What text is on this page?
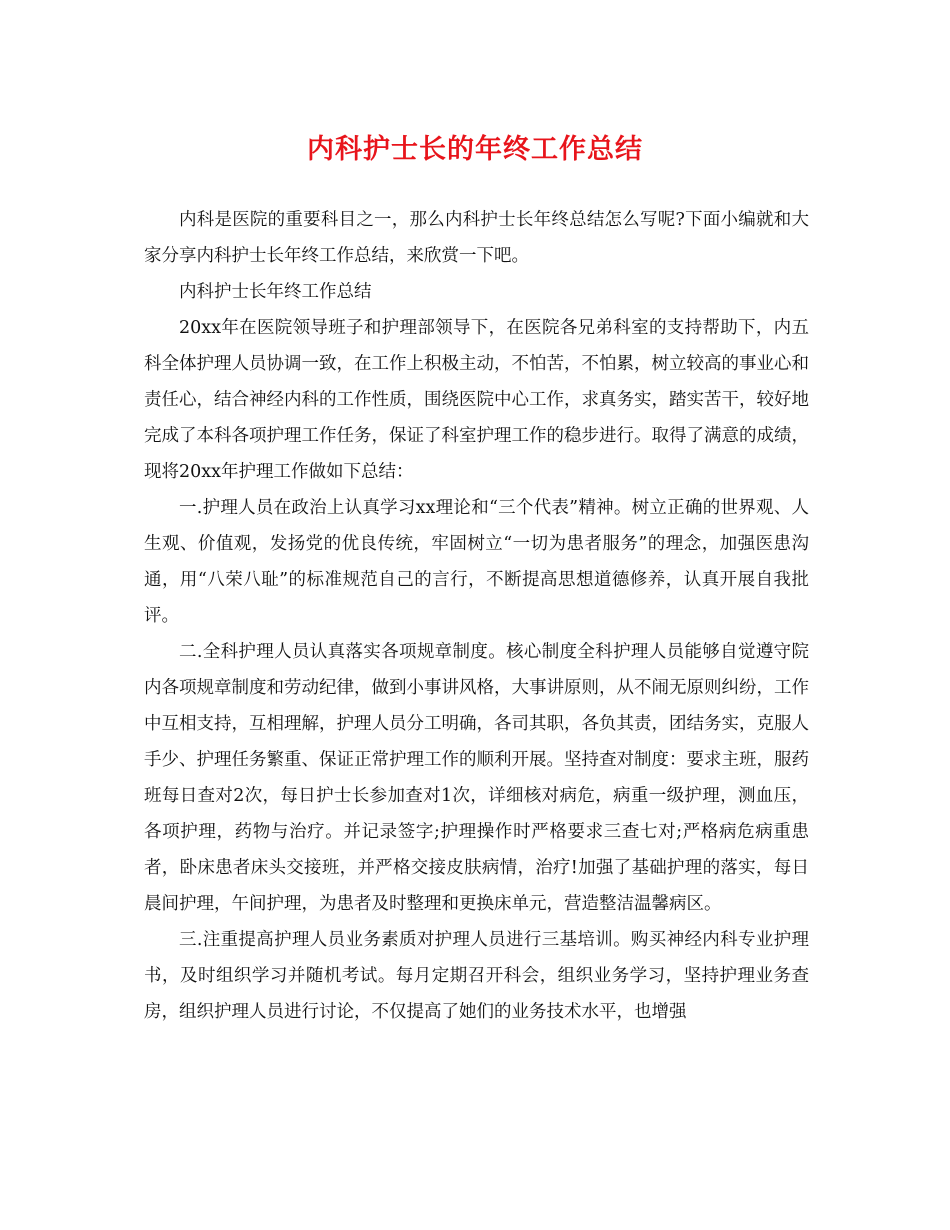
内科护士长的年终工作总结

内科是医院的重要科目之一，那么内科护士长年终总结怎么写呢?下面小编就和大家分享内科护士长年终工作总结，来欣赏一下吧。

内科护士长年终工作总结

20xx年在医院领导班子和护理部领导下，在医院各兄弟科室的支持帮助下，内五科全体护理人员协调一致，在工作上积极主动，不怕苦，不怕累，树立较高的事业心和责任心，结合神经内科的工作性质，围绕医院中心工作，求真务实，踏实苦干，较好地完成了本科各项护理工作任务，保证了科室护理工作的稳步进行。取得了满意的成绩，现将20xx年护理工作做如下总结：

一.护理人员在政治上认真学习xx理论和“三个代表”精神。树立正确的世界观、人生观、价值观，发扬党的优良传统，牢固树立“一切为患者服务”的理念，加强医患沟通，用“八荣八耻”的标准规范自己的言行，不断提高思想道德修养，认真开展自我批评。

二.全科护理人员认真落实各项规章制度。核心制度全科护理人员能够自觉遵守院内各项规章制度和劳动纪律，做到小事讲风格，大事讲原则，从不闹无原则纠纷，工作中互相支持，互相理解，护理人员分工明确，各司其职，各负其责，团结务实，克服人手少、护理任务繁重、保证正常护理工作的顺利开展。坚持查对制度：要求主班，服药班每日查对2次，每日护士长参加查对1次，详细核对病危，病重一级护理，测血压，各项护理，药物与治疗。并记录签字;护理操作时严格要求三查七对;严格病危病重患者，卧床患者床头交接班，并严格交接皮肤病情，治疗!加强了基础护理的落实，每日晨间护理，午间护理，为患者及时整理和更换床单元，营造整洁温馨病区。

三.注重提高护理人员业务素质对护理人员进行三基培训。购买神经内科专业护理书，及时组织学习并随机考试。每月定期召开科会，组织业务学习，坚持护理业务查房，组织护理人员进行讨论，不仅提高了她们的业务技术水平，也增强
